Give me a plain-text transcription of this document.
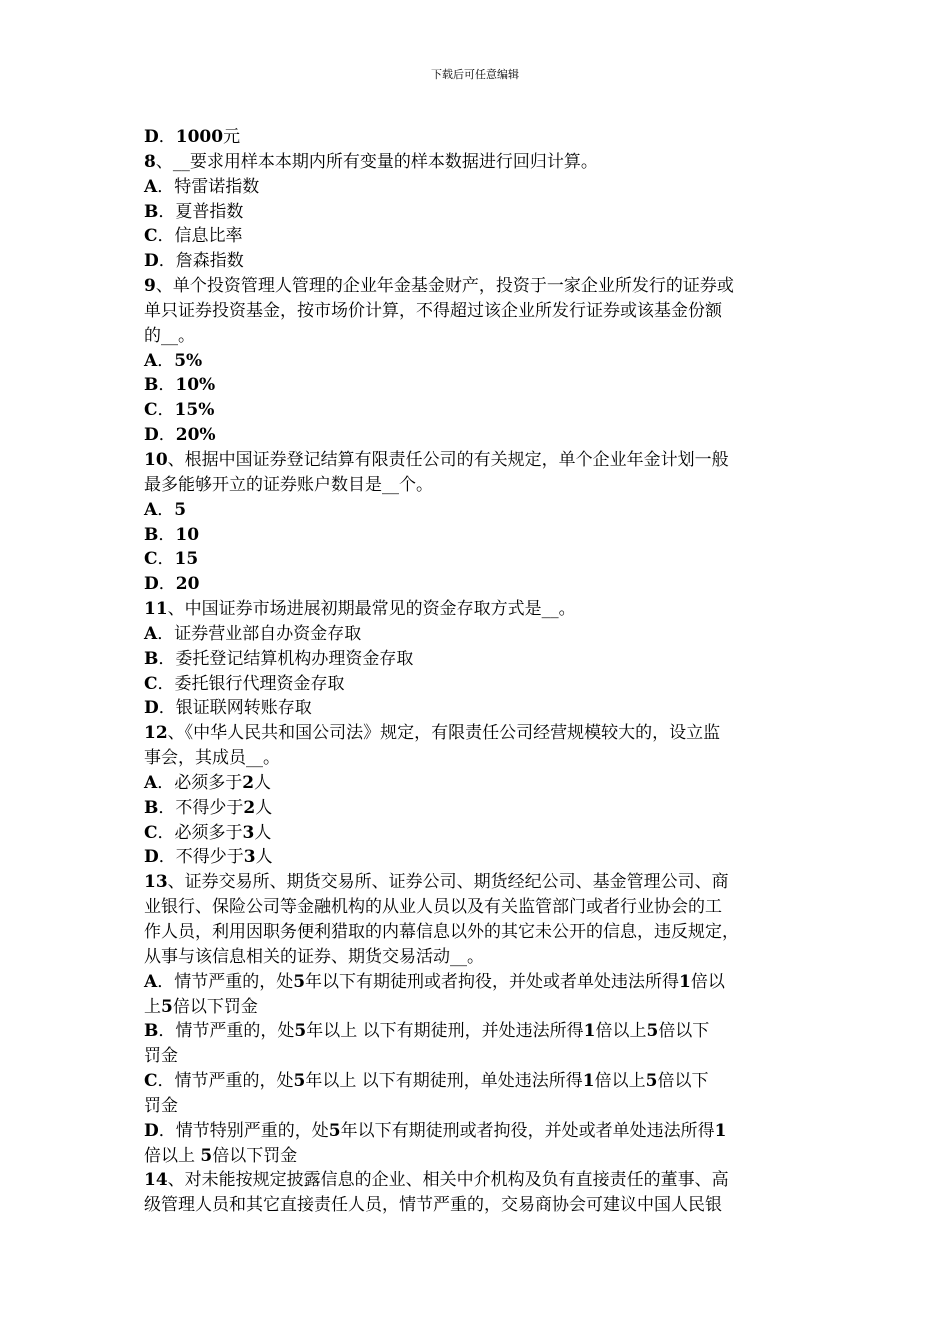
下载后可任意编辑
D．1000元
8、__要求用样本本期内所有变量的样本数据进行回归计算。
A．特雷诺指数
B．夏普指数
C．信息比率
D．詹森指数
9、单个投资管理人管理的企业年金基金财产，投资于一家企业所发行的证券或
单只证券投资基金，按市场价计算，不得超过该企业所发行证券或该基金份额
的__。
A．5%
B．10%
C．15%
D．20%
10、根据中国证券登记结算有限责任公司的有关规定，单个企业年金计划一般
最多能够开立的证券账户数目是__个。
A．5
B．10
C．15
D．20
11、中国证券市场进展初期最常见的资金存取方式是__。
A．证券营业部自办资金存取
B．委托登记结算机构办理资金存取
C．委托银行代理资金存取
D．银证联网转账存取
12、《中华人民共和国公司法》规定，有限责任公司经营规模较大的，设立监
事会，其成员__。
A．必须多于2人
B．不得少于2人
C．必须多于3人
D．不得少于3人
13、证券交易所、期货交易所、证券公司、期货经纪公司、基金管理公司、商
业银行、保险公司等金融机构的从业人员以及有关监管部门或者行业协会的工
作人员，利用因职务便利猎取的内幕信息以外的其它未公开的信息，违反规定，
从事与该信息相关的证券、期货交易活动__。
A．情节严重的，处5年以下有期徒刑或者拘役，并处或者单处违法所得1倍以
上5倍以下罚金
B．情节严重的，处5年以上 以下有期徒刑，并处违法所得1倍以上5倍以下
罚金
C．情节严重的，处5年以上 以下有期徒刑，单处违法所得1倍以上5倍以下
罚金
D．情节特别严重的，处5年以下有期徒刑或者拘役，并处或者单处违法所得1
倍以上 5倍以下罚金
14、对未能按规定披露信息的企业、相关中介机构及负有直接责任的董事、高
级管理人员和其它直接责任人员，情节严重的，交易商协会可建议中国人民银
